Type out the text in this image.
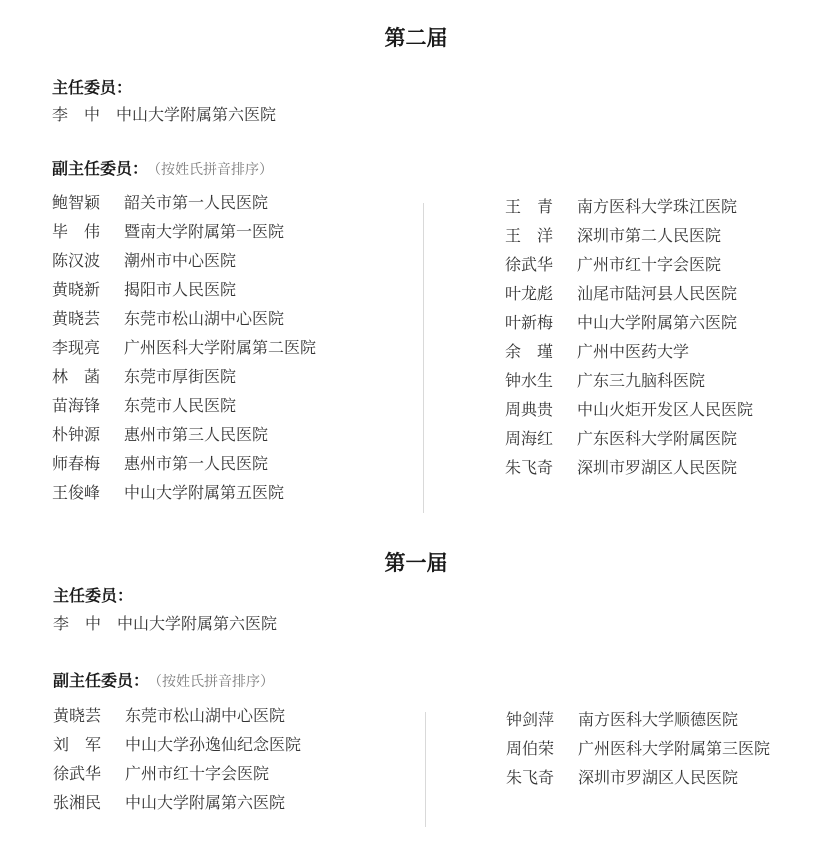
第二届
主任委员：
李　中 中山大学附属第六医院
副主任委员： （按姓氏拼音排序）
鲍智颖 韶关市第一人民医院
毕　伟 暨南大学附属第一医院
陈汉波 潮州市中心医院
黄晓新 揭阳市人民医院
黄晓芸 东莞市松山湖中心医院
李现亮 广州医科大学附属第二医院
林　菡 东莞市厚街医院
苗海锋 东莞市人民医院
朴钟源 惠州市第三人民医院
师春梅 惠州市第一人民医院
王俊峰 中山大学附属第五医院
王　青 南方医科大学珠江医院
王　洋 深圳市第二人民医院
徐武华 广州市红十字会医院
叶龙彪 汕尾市陆河县人民医院
叶新梅 中山大学附属第六医院
余　瑾 广州中医药大学
钟水生 广东三九脑科医院
周典贵 中山火炬开发区人民医院
周海红 广东医科大学附属医院
朱飞奇 深圳市罗湖区人民医院
第一届
主任委员：
李　中 中山大学附属第六医院
副主任委员： （按姓氏拼音排序）
黄晓芸 东莞市松山湖中心医院
刘　军 中山大学孙逸仙纪念医院
徐武华 广州市红十字会医院
张湘民 中山大学附属第六医院
钟剑萍 南方医科大学顺德医院
周伯荣 广州医科大学附属第三医院
朱飞奇 深圳市罗湖区人民医院
